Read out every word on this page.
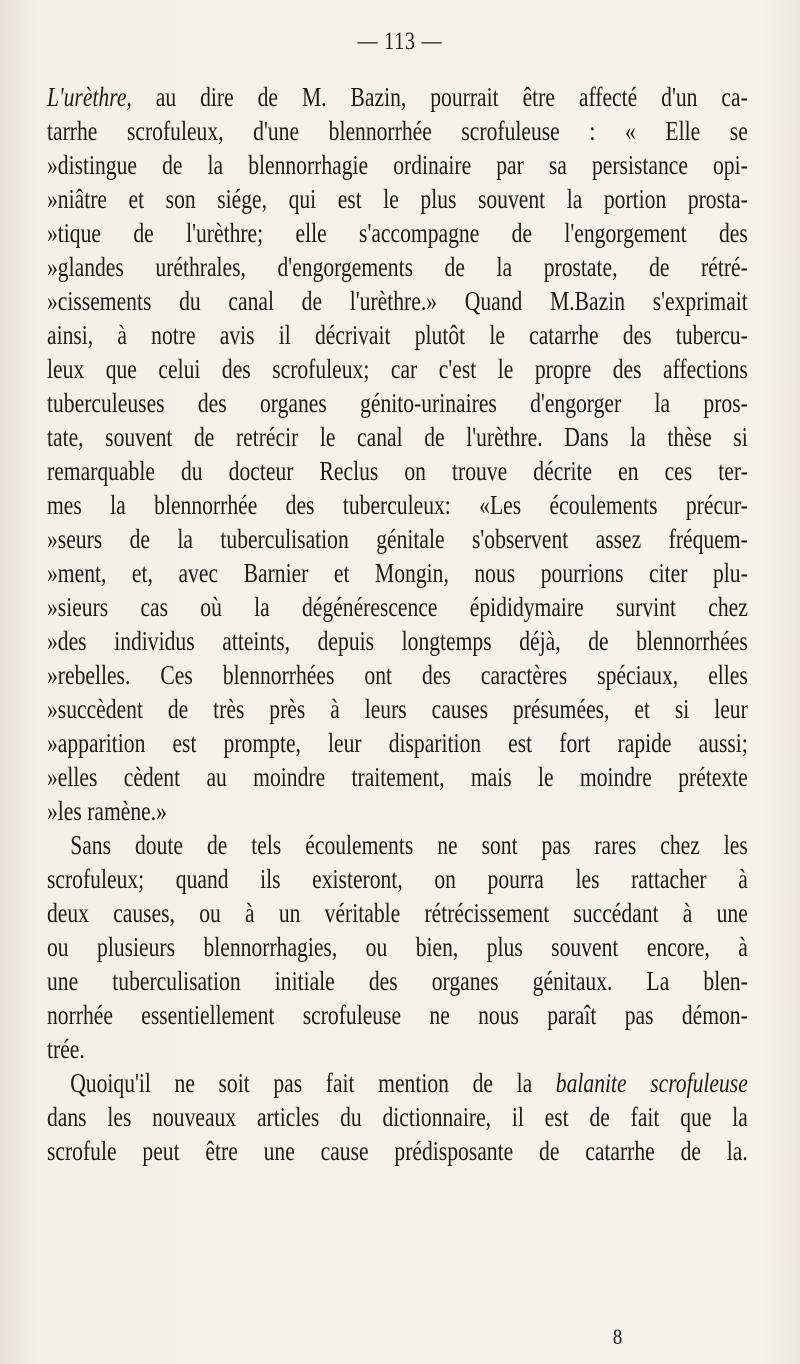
— 113 —
L'urèthre, au dire de M. Bazin, pourrait être affecté d'un ca-
tarrhe scrofuleux, d'une blennorrhée scrofuleuse : « Elle se
»distingue de la blennorrhagie ordinaire par sa persistance opi-
»niâtre et son siége, qui est le plus souvent la portion prosta-
»tique de l'urèthre; elle s'accompagne de l'engorgement des
»glandes uréthrales, d'engorgements de la prostate, de rétré-
»cissements du canal de l'urèthre.» Quand M.Bazin s'exprimait
ainsi, à notre avis il décrivait plutôt le catarrhe des tubercu-
leux que celui des scrofuleux; car c'est le propre des affections
tuberculeuses des organes génito-urinaires d'engorger la pros-
tate, souvent de retrécir le canal de l'urèthre. Dans la thèse si
remarquable du docteur Reclus on trouve décrite en ces ter-
mes la blennorrhée des tuberculeux: «Les écoulements précur-
»seurs de la tuberculisation génitale s'observent assez fréquem-
»ment, et, avec Barnier et Mongin, nous pourrions citer plu-
»sieurs cas où la dégénérescence épididymaire survint chez
»des individus atteints, depuis longtemps déjà, de blennorrhées
»rebelles. Ces blennorrhées ont des caractères spéciaux, elles
»succèdent de très près à leurs causes présumées, et si leur
»apparition est prompte, leur disparition est fort rapide aussi;
»elles cèdent au moindre traitement, mais le moindre prétexte
»les ramène.»
Sans doute de tels écoulements ne sont pas rares chez les
scrofuleux; quand ils existeront, on pourra les rattacher à
deux causes, ou à un véritable rétrécissement succédant à une
ou plusieurs blennorrhagies, ou bien, plus souvent encore, à
une tuberculisation initiale des organes génitaux. La blen-
norrhée essentiellement scrofuleuse ne nous paraît pas démon-
trée.
Quoiqu'il ne soit pas fait mention de la balanite scrofuleuse
dans les nouveaux articles du dictionnaire, il est de fait que la
scrofule peut être une cause prédisposante de catarrhe de la.
8
